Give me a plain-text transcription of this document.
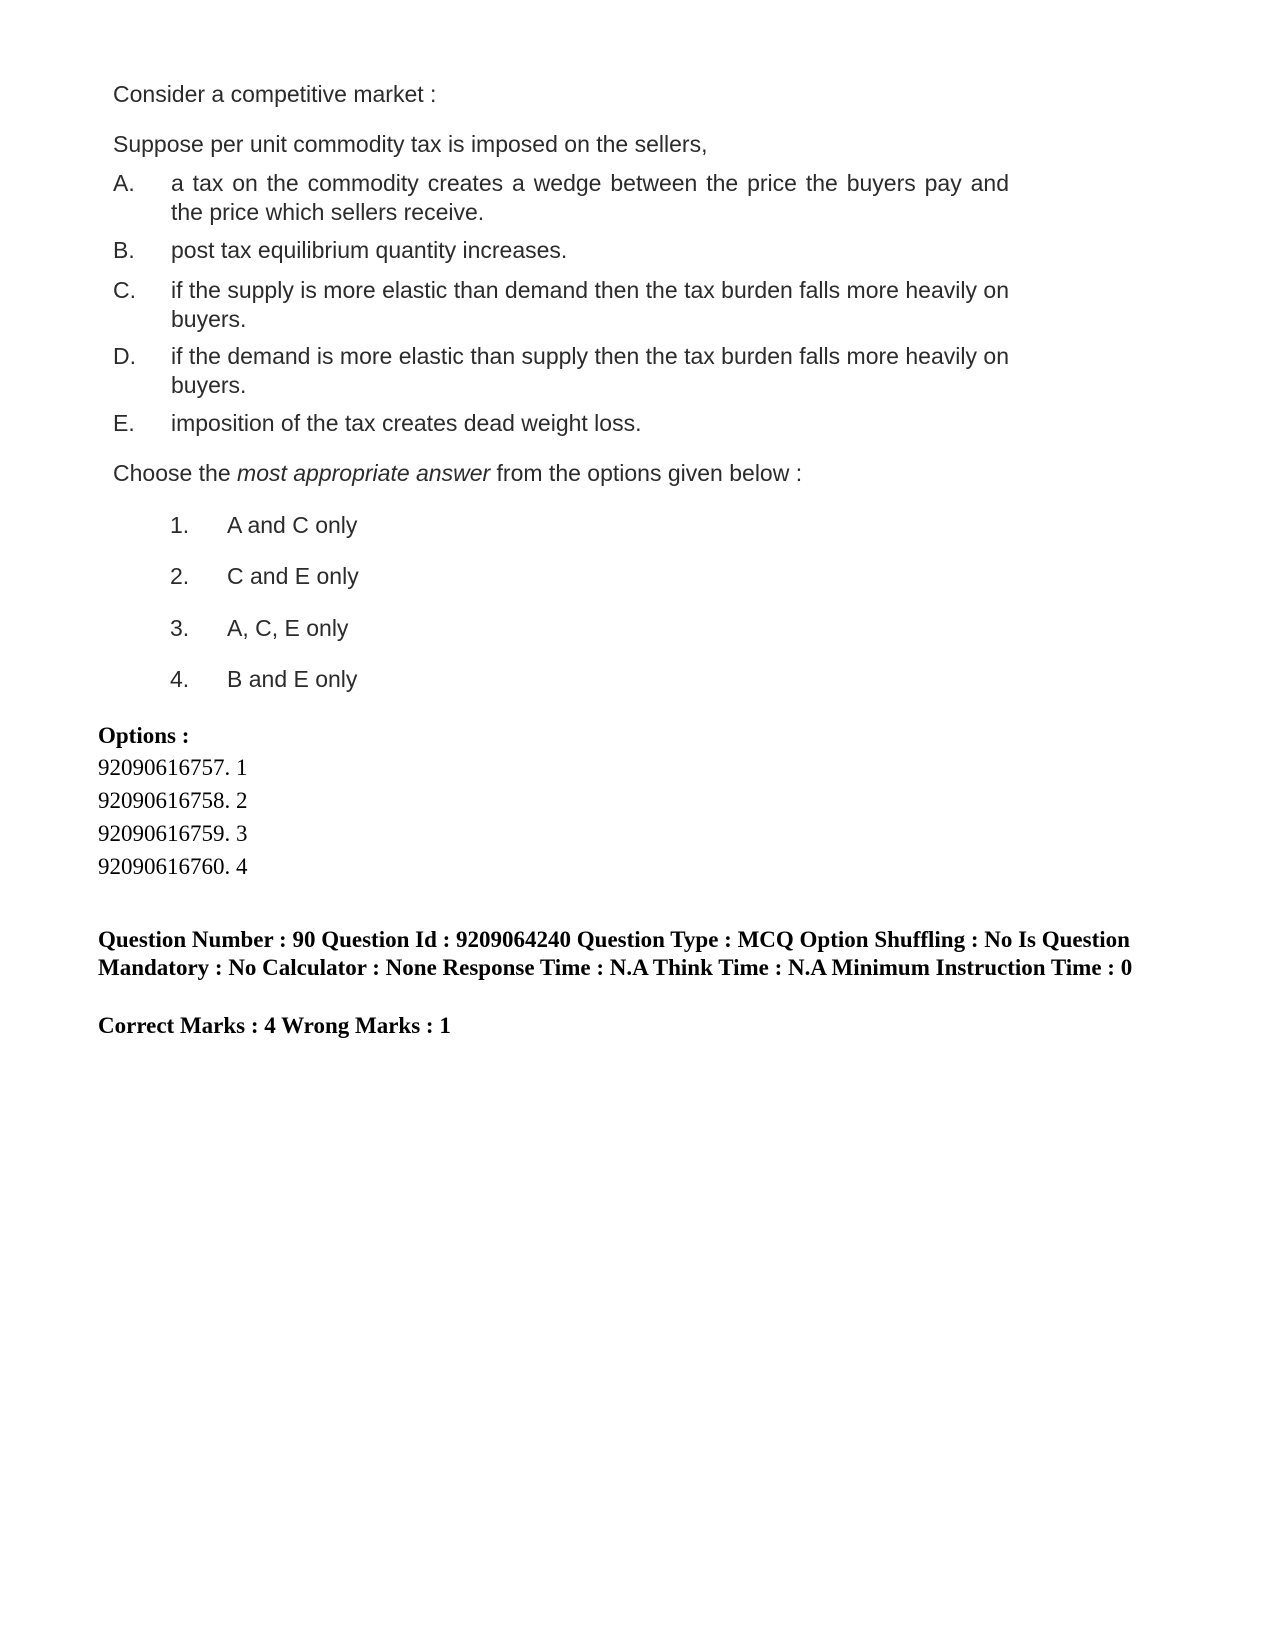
Consider a competitive market :
Suppose per unit commodity tax is imposed on the sellers,
A.	a tax on the commodity creates a wedge between the price the buyers pay and the price which sellers receive.
B.	post tax equilibrium quantity increases.
C.	if the supply is more elastic than demand then the tax burden falls more heavily on buyers.
D.	if the demand is more elastic than supply then the tax burden falls more heavily on buyers.
E.	imposition of the tax creates dead weight loss.
Choose the most appropriate answer from the options given below :
1. A and C only
2. C and E only
3. A, C, E only
4. B and E only
Options :
92090616757. 1
92090616758. 2
92090616759. 3
92090616760. 4
Question Number : 90 Question Id : 9209064240 Question Type : MCQ Option Shuffling : No Is Question Mandatory : No Calculator : None Response Time : N.A Think Time : N.A Minimum Instruction Time : 0
Correct Marks : 4 Wrong Marks : 1
